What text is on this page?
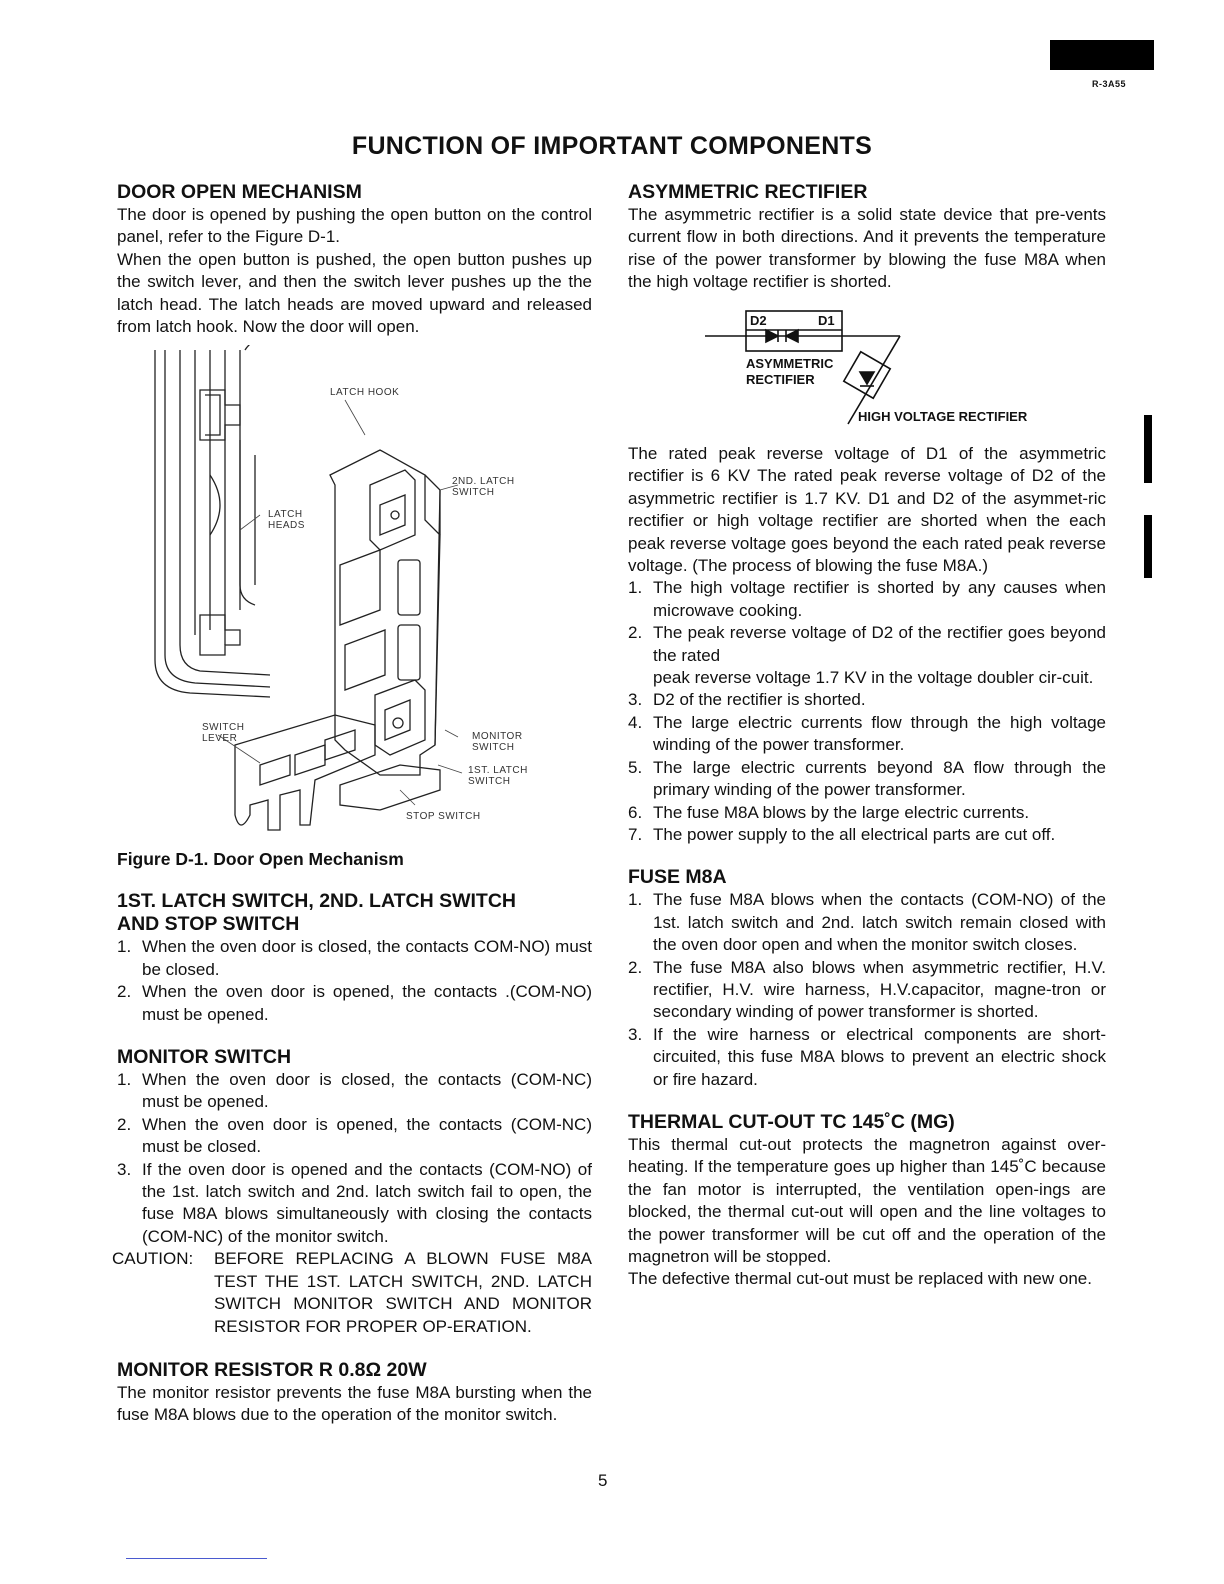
R-3A55
FUNCTION OF IMPORTANT COMPONENTS
DOOR OPEN MECHANISM

The door is opened by pushing the open button on the control panel, refer to the Figure D-1.

When the open button is pushed, the open button pushes up the switch lever, and then the switch lever pushes up the the latch head. The latch heads are moved upward and released from latch hook. Now the door will open.

LATCH HOOK
2ND. LATCH
SWITCH
LATCH
HEADS
SWITCH
LEVER	MONITOR
SWITCH
1ST. LATCH
SWITCH
STOP SWITCH
Figure D-1. Door Open Mechanism
1ST. LATCH SWITCH, 2ND. LATCH SWITCH
AND STOP SWITCH
1. When the oven door is closed, the contacts COM-NO) must be closed.
2. When the oven door is opened, the contacts .(COM-NO) must be opened.
MONITOR SWITCH
1. When the oven door is closed, the contacts (COM-NC) must be opened.
2. When the oven door is opened, the contacts (COM-NC) must be closed.
3. If the oven door is opened and the contacts (COM-NO) of the 1st. latch switch and 2nd. latch switch fail to open, the fuse M8A blows simultaneously with closing the contacts (COM-NC) of the monitor switch.
CAUTION: BEFORE REPLACING A BLOWN FUSE M8A TEST THE 1ST. LATCH SWITCH, 2ND. LATCH SWITCH MONITOR SWITCH AND MONITOR RESISTOR FOR PROPER OP-ERATION.
MONITOR RESISTOR R 0.8Ω 20W

The monitor resistor prevents the fuse M8A bursting when the fuse M8A blows due to the operation of the monitor switch.

ASYMMETRIC RECTIFIER

The asymmetric rectifier is a solid state device that pre-vents current flow in both directions. And it prevents the temperature rise of the power transformer by blowing the fuse M8A when the high voltage rectifier is shorted.

D2	D1
ASYMMETRIC
RECTIFIER
HIGH VOLTAGE RECTIFIER

The rated peak reverse voltage of D1 of the asymmetric rectifier is 6 KV The rated peak reverse voltage of D2 of the asymmetric rectifier is 1.7 KV. D1 and D2 of the asymmet-ric rectifier or high voltage rectifier are shorted when the each peak reverse voltage goes beyond the each rated peak reverse voltage. (The process of blowing the fuse M8A.)

1. The high voltage rectifier is shorted by any causes when microwave cooking.
2. The peak reverse voltage of D2 of the rectifier goes beyond the rated
peak reverse voltage 1.7 KV in the voltage doubler cir-cuit.
3. D2 of the rectifier is shorted.
4. The large electric currents flow through the high voltage winding of the power transformer.
5. The large electric currents beyond 8A flow through the primary winding of the power transformer.
6. The fuse M8A blows by the large electric currents.
7. The power supply to the all electrical parts are cut off.
FUSE M8A
1. The fuse M8A blows when the contacts (COM-NO) of the 1st. latch switch and 2nd. latch switch remain closed with the oven door open and when the monitor switch closes.
2. The fuse M8A also blows when asymmetric rectifier, H.V. rectifier, H.V. wire harness, H.V.capacitor, magne-tron or secondary winding of power transformer is shorted.
3. If the wire harness or electrical components are short-circuited, this fuse M8A blows to prevent an electric shock or fire hazard.
THERMAL CUT-OUT TC 145˚C (MG)

This thermal cut-out protects the magnetron against over-heating. If the temperature goes up higher than 145˚C because the fan motor is interrupted, the ventilation open-ings are blocked, the thermal cut-out will open and the line voltages to the power transformer will be cut off and the operation of the magnetron will be stopped.

The defective thermal cut-out must be replaced with new one.

5
